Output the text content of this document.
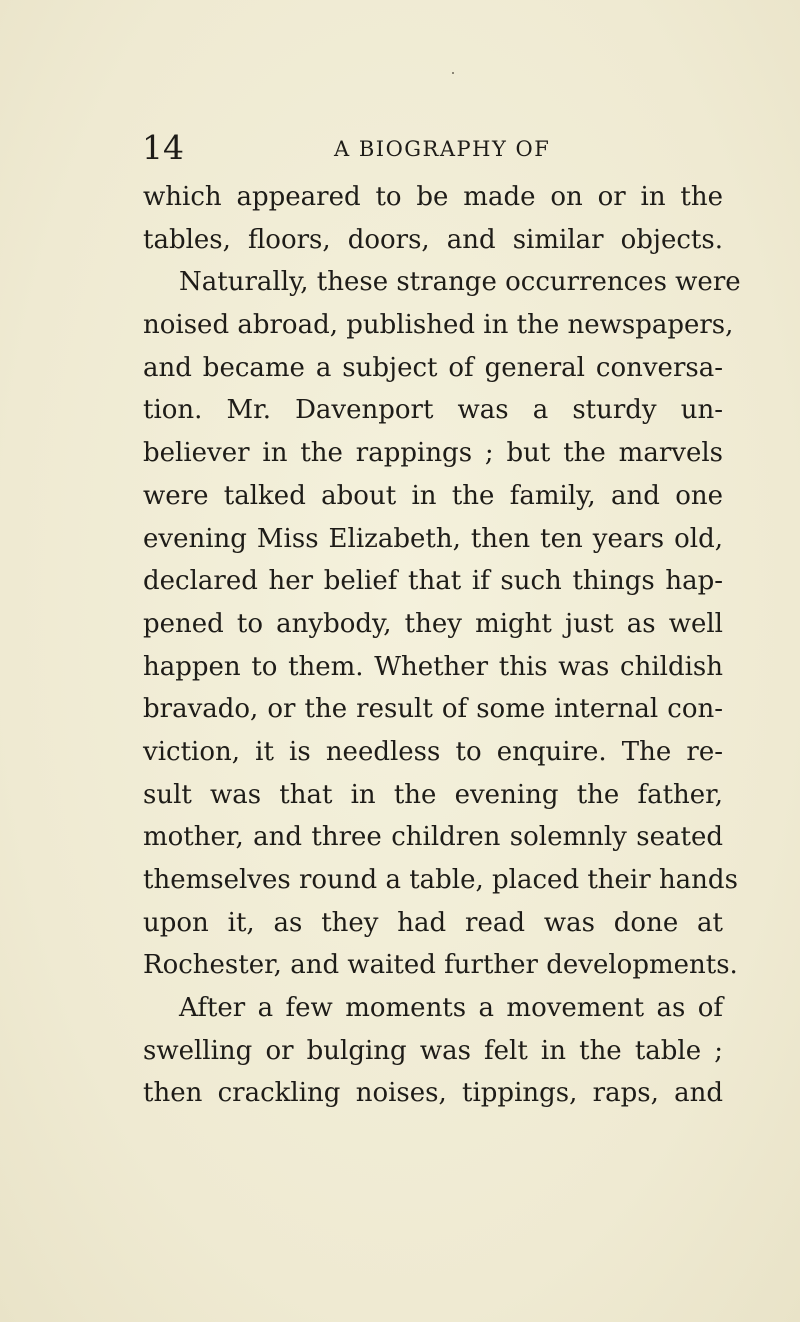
14	A BIOGRAPHY OF
which appeared to be made on or in the
tables, floors, doors, and similar objects.
Naturally, these strange occurrences were
noised abroad, published in the newspapers,
and became a subject of general conversa-
tion. Mr. Davenport was a sturdy un-
believer in the rappings ; but the marvels
were talked about in the family, and one
evening Miss Elizabeth, then ten years old,
declared her belief that if such things hap-
pened to anybody, they might just as well
happen to them. Whether this was childish
bravado, or the result of some internal con-
viction, it is needless to enquire. The re-
sult was that in the evening the father,
mother, and three children solemnly seated
themselves round a table, placed their hands
upon it, as they had read was done at
Rochester, and waited further developments.
After a few moments a movement as of
swelling or bulging was felt in the table ;
then crackling noises, tippings, raps, and
